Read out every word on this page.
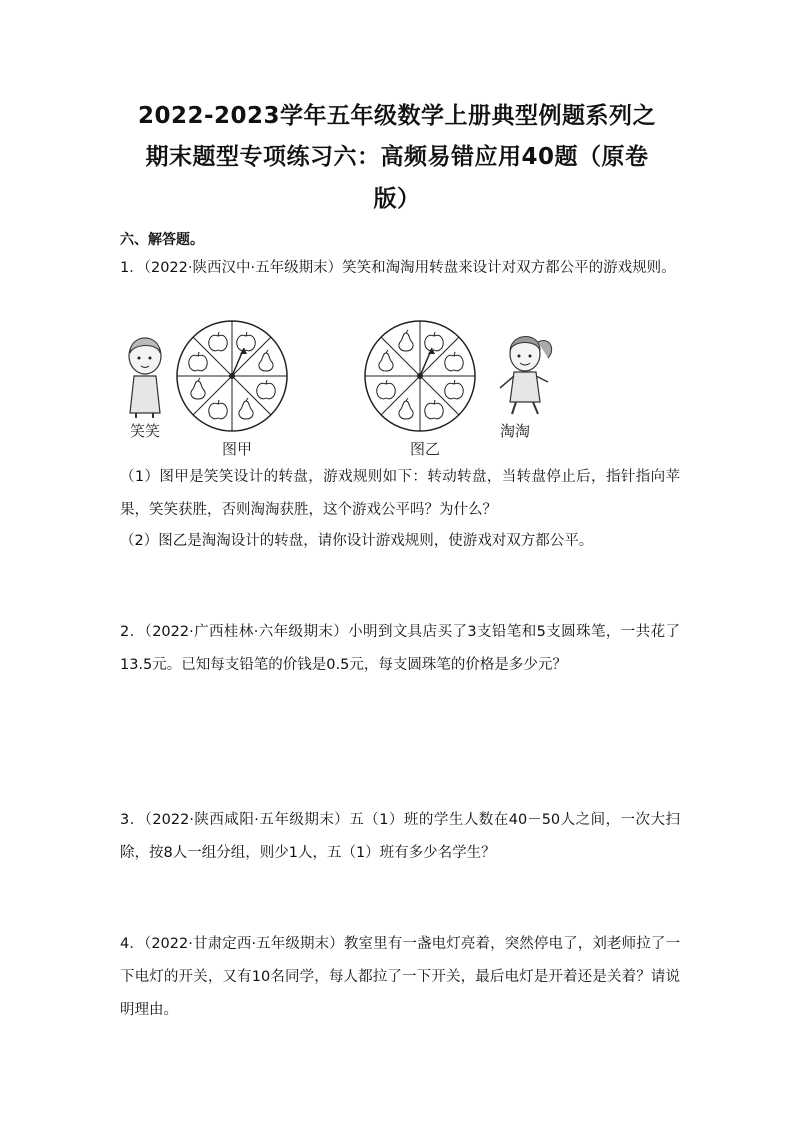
2022-2023学年五年级数学上册典型例题系列之
期末题型专项练习六：高频易错应用40题（原卷
版）
六、解答题。
1．（2022·陕西汉中·五年级期末）笑笑和淘淘用转盘来设计对双方都公平的游戏规则。
笑笑
图甲	图乙
淘淘
（1）图甲是笑笑设计的转盘，游戏规则如下：转动转盘，当转盘停止后，指针指向苹果，笑笑获胜，否则淘淘获胜，这个游戏公平吗？为什么？
（2）图乙是淘淘设计的转盘，请你设计游戏规则，使游戏对双方都公平。
2．（2022·广西桂林·六年级期末）小明到文具店买了3支铅笔和5支圆珠笔，一共花了13.5元。已知每支铅笔的价钱是0.5元，每支圆珠笔的价格是多少元？
3．（2022·陕西咸阳·五年级期末）五（1）班的学生人数在40－50人之间，一次大扫除，按8人一组分组，则少1人，五（1）班有多少名学生？
4．（2022·甘肃定西·五年级期末）教室里有一盏电灯亮着，突然停电了，刘老师拉了一下电灯的开关，又有10名同学，每人都拉了一下开关，最后电灯是开着还是关着？请说明理由。
